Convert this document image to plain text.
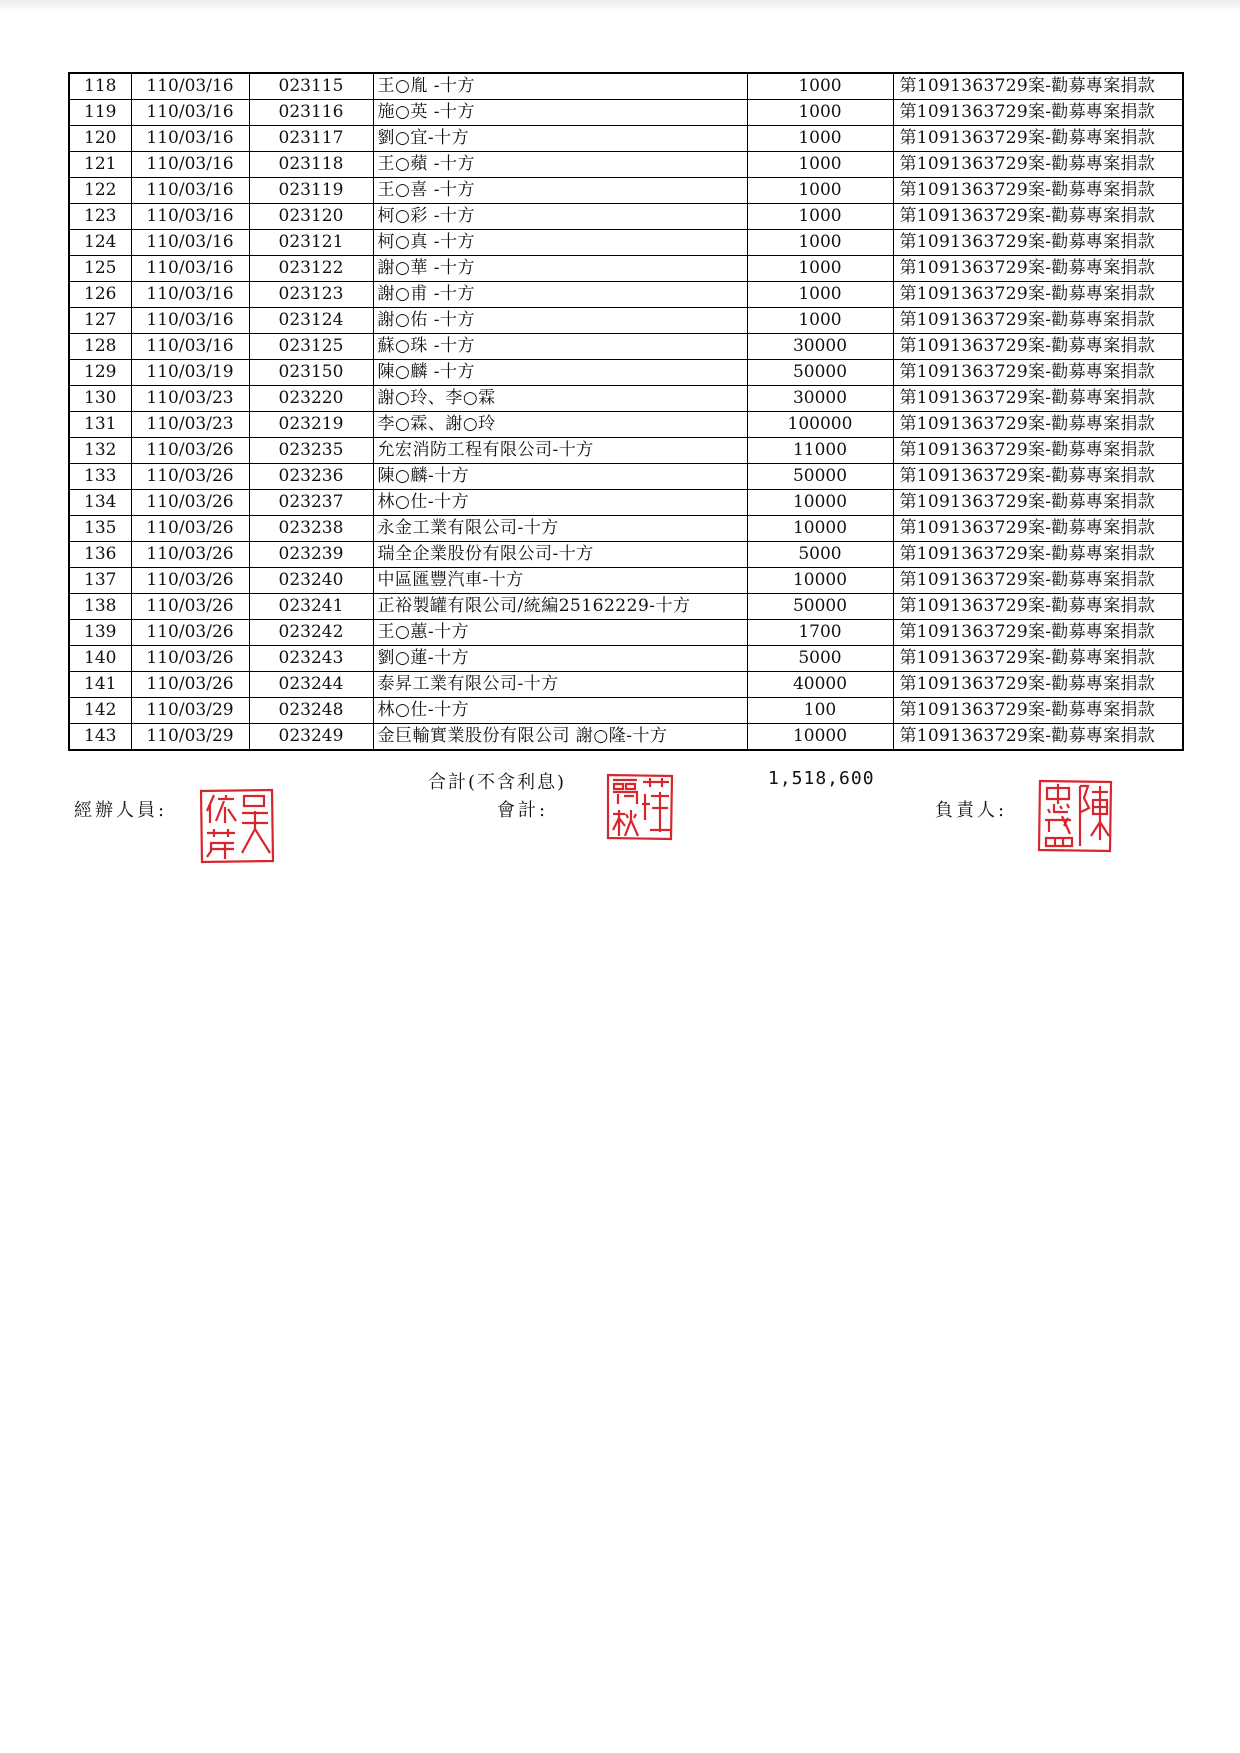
118	110/03/16	023115	王○胤 -十方	1000	第1091363729案-勸募專案捐款
119	110/03/16	023116	施○英 -十方	1000	第1091363729案-勸募專案捐款
120	110/03/16	023117	劉○宜-十方	1000	第1091363729案-勸募專案捐款
121	110/03/16	023118	王○蘋 -十方	1000	第1091363729案-勸募專案捐款
122	110/03/16	023119	王○喜 -十方	1000	第1091363729案-勸募專案捐款
123	110/03/16	023120	柯○彩 -十方	1000	第1091363729案-勸募專案捐款
124	110/03/16	023121	柯○真 -十方	1000	第1091363729案-勸募專案捐款
125	110/03/16	023122	謝○華 -十方	1000	第1091363729案-勸募專案捐款
126	110/03/16	023123	謝○甫 -十方	1000	第1091363729案-勸募專案捐款
127	110/03/16	023124	謝○佑 -十方	1000	第1091363729案-勸募專案捐款
128	110/03/16	023125	蘇○珠 -十方	30000	第1091363729案-勸募專案捐款
129	110/03/19	023150	陳○麟 -十方	50000	第1091363729案-勸募專案捐款
130	110/03/23	023220	謝○玲、李○霖	30000	第1091363729案-勸募專案捐款
131	110/03/23	023219	李○霖、謝○玲	100000	第1091363729案-勸募專案捐款
132	110/03/26	023235	允宏消防工程有限公司-十方	11000	第1091363729案-勸募專案捐款
133	110/03/26	023236	陳○麟-十方	50000	第1091363729案-勸募專案捐款
134	110/03/26	023237	林○仕-十方	10000	第1091363729案-勸募專案捐款
135	110/03/26	023238	永金工業有限公司-十方	10000	第1091363729案-勸募專案捐款
136	110/03/26	023239	瑞全企業股份有限公司-十方	5000	第1091363729案-勸募專案捐款
137	110/03/26	023240	中區匯豐汽車-十方	10000	第1091363729案-勸募專案捐款
138	110/03/26	023241	正裕製罐有限公司/統編25162229-十方	50000	第1091363729案-勸募專案捐款
139	110/03/26	023242	王○蕙-十方	1700	第1091363729案-勸募專案捐款
140	110/03/26	023243	劉○蓮-十方	5000	第1091363729案-勸募專案捐款
141	110/03/26	023244	泰昇工業有限公司-十方	40000	第1091363729案-勸募專案捐款
142	110/03/29	023248	林○仕-十方	100	第1091363729案-勸募專案捐款
143	110/03/29	023249	金巨輸實業股份有限公司 謝○隆-十方	10000	第1091363729案-勸募專案捐款
合計(不含利息)	1,518,600
經辦人員:	會計:	負責人:
